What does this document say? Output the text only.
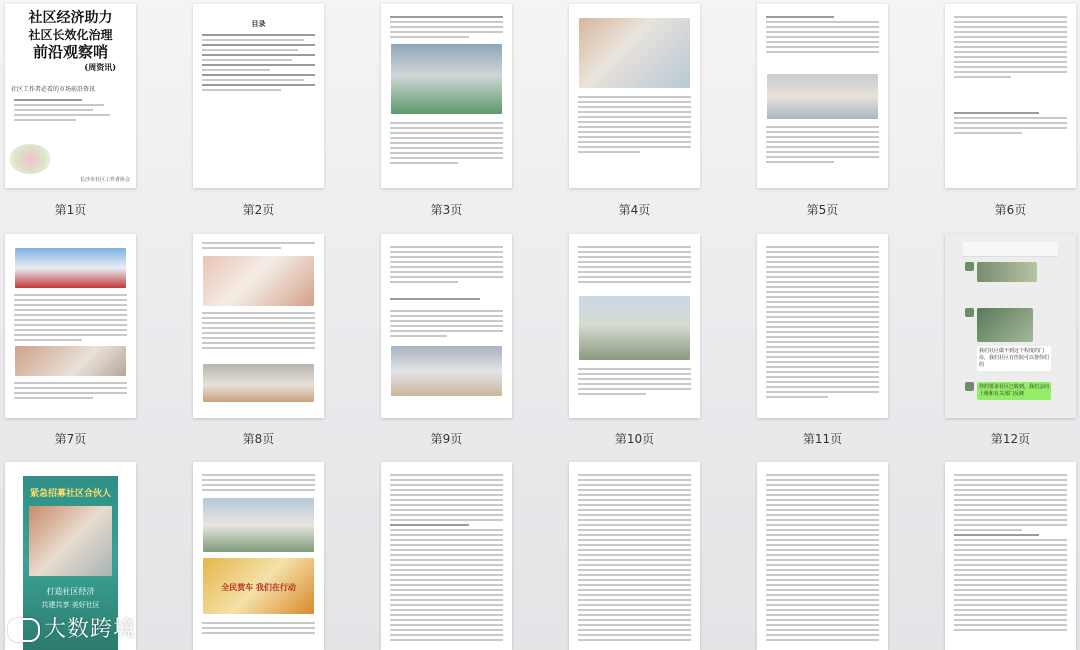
社区经济助力
社区长效化治理
前沿观察哨
(周资讯)
社区工作者必看的市场前沿资讯
长沙市社区工作者协会
第1页
目录
第2页	第3页	第4页	第5页	第6页
第7页	第8页	第9页	第10页	第11页
我们社区做不到这个程度的门诊，我们社区有医院可以帮你们的
你的要求社区已收到，我们会向上级和有关部门反映
第12页
紧急招募社区合伙人
打造社区经济
共建共享 美好社区
全民赏车 我们在行动
大数跨境
